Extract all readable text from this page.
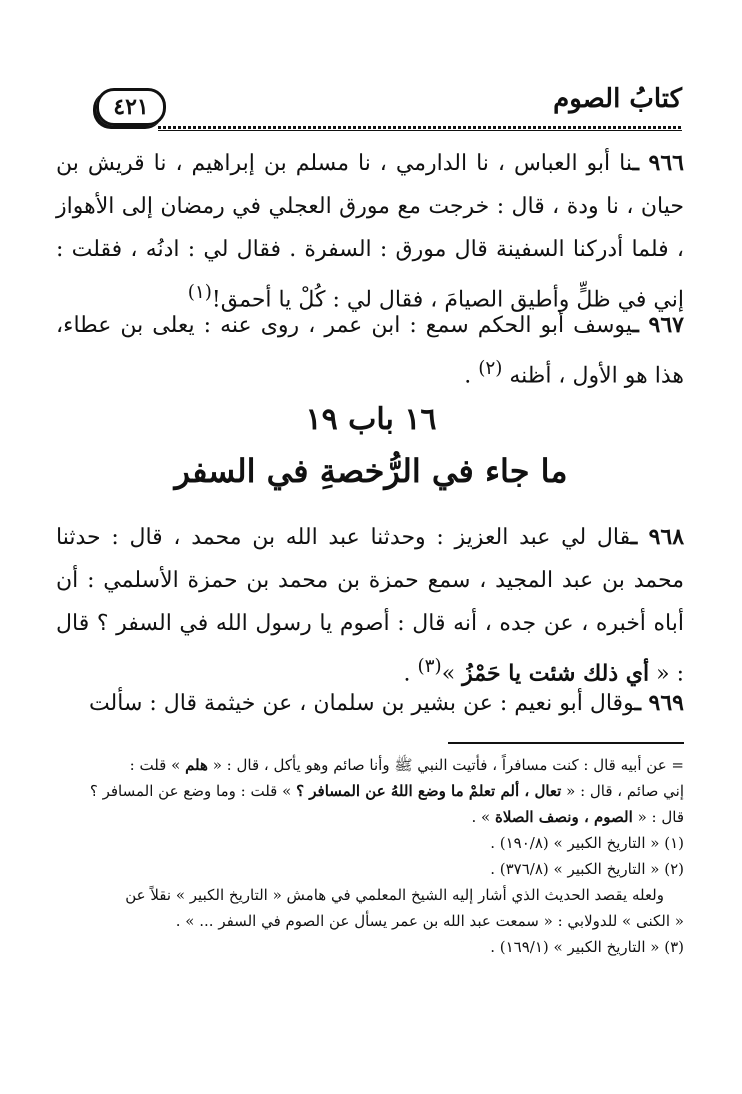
٤٢١	كتابُ الصوم
٩٦٦ ـنا أبو العباس ، نا الدارمي ، نا مسلم بن إبراهيم ، نا قريش بن حيان ، نا ودة ، قال : خرجت مع مورق العجلي في رمضان إلى الأهواز ، فلما أدركنا السفينة قال مورق : السفرة . فقال لي : ادنُه ، فقلت : إني في ظلٍّ وأطيق الصيامَ ، فقال لي : كُلْ يا أحمق!$^{(١)}$
٩٦٧ ـيوسف أبو الحكم سمع : ابن عمر ، روى عنه : يعلى بن عطاء، هذا هو الأول ، أظنه $^{(٢)}$ .
١٦ باب ١٩
ما جاء في الرُّخصةِ في السفر
٩٦٨ ـقال لي عبد العزيز : وحدثنا عبد الله بن محمد ، قال : حدثنا محمد بن عبد المجيد ، سمع حمزة بن محمد بن حمزة الأسلمي : أن أباه أخبره ، عن جده ، أنه قال : أصوم يا رسول الله في السفر ؟ قال : « أي ذلك شئت يا حَمْزُ »$^{(٣)}$ .
٩٦٩ ـوقال أبو نعيم : عن بشير بن سلمان ، عن خيثمة قال : سألت
= عن أبيه قال : كنت مسافراً ، فأتيت النبي ﷺ وأنا صائم وهو يأكل ، قال : « هلم » قلت :
إني صائم ، قال : « تعال ، ألم تعلمْ ما وضع اللهُ عن المسافر ؟ » قلت : وما وضع عن المسافر ؟
قال : « الصوم ، ونصف الصلاة » .
(١) « التاريخ الكبير » (١٩٠/٨) .
(٢) « التاريخ الكبير » (٣٧٦/٨) .
ولعله يقصد الحديث الذي أشار إليه الشيخ المعلمي في هامش « التاريخ الكبير » نقلاً عن
« الكنى » للدولابي : « سمعت عبد الله بن عمر يسأل عن الصوم في السفر ... » .
(٣) « التاريخ الكبير » (١٦٩/١) .
